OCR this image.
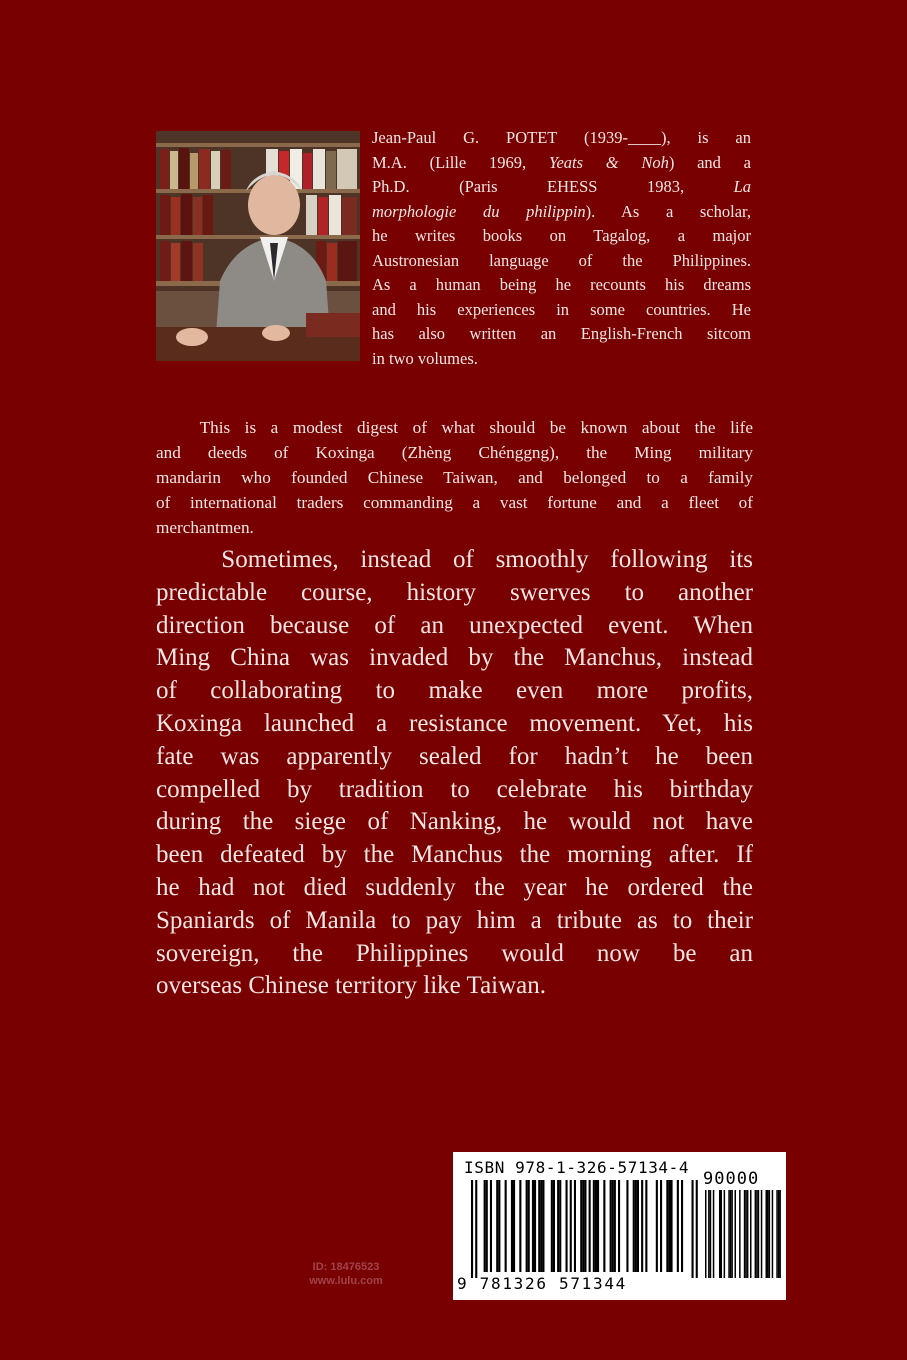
Jean-Paul G. POTET (1939-____), is an
M.A. (Lille 1969, Yeats & Noh) and a
Ph.D. (Paris EHESS 1983, La
morphologie du philippin). As a scholar,
he writes books on Tagalog, a major
Austronesian language of the Philippines.
As a human being he recounts his dreams
and his experiences in some countries. He
has also written an English-French sitcom
in two volumes.
This is a modest digest of what should be known about the life
and deeds of Koxinga (Zhèng Chénggng), the Ming military
mandarin who founded Chinese Taiwan, and belonged to a family
of international traders commanding a vast fortune and a fleet of
merchantmen.
Sometimes, instead of smoothly following its
predictable course, history swerves to another
direction because of an unexpected event. When
Ming China was invaded by the Manchus, instead
of collaborating to make even more profits,
Koxinga launched a resistance movement. Yet, his
fate was apparently sealed for hadn’t he been
compelled by tradition to celebrate his birthday
during the siege of Nanking, he would not have
been defeated by the Manchus the morning after. If
he had not died suddenly the year he ordered the
Spaniards of Manila to pay him a tribute as to their
sovereign, the Philippines would now be an
overseas Chinese territory like Taiwan.
ID: 18476523
www.lulu.com
ISBN 978-1-326-57134-4
90000
9 781326 571344
